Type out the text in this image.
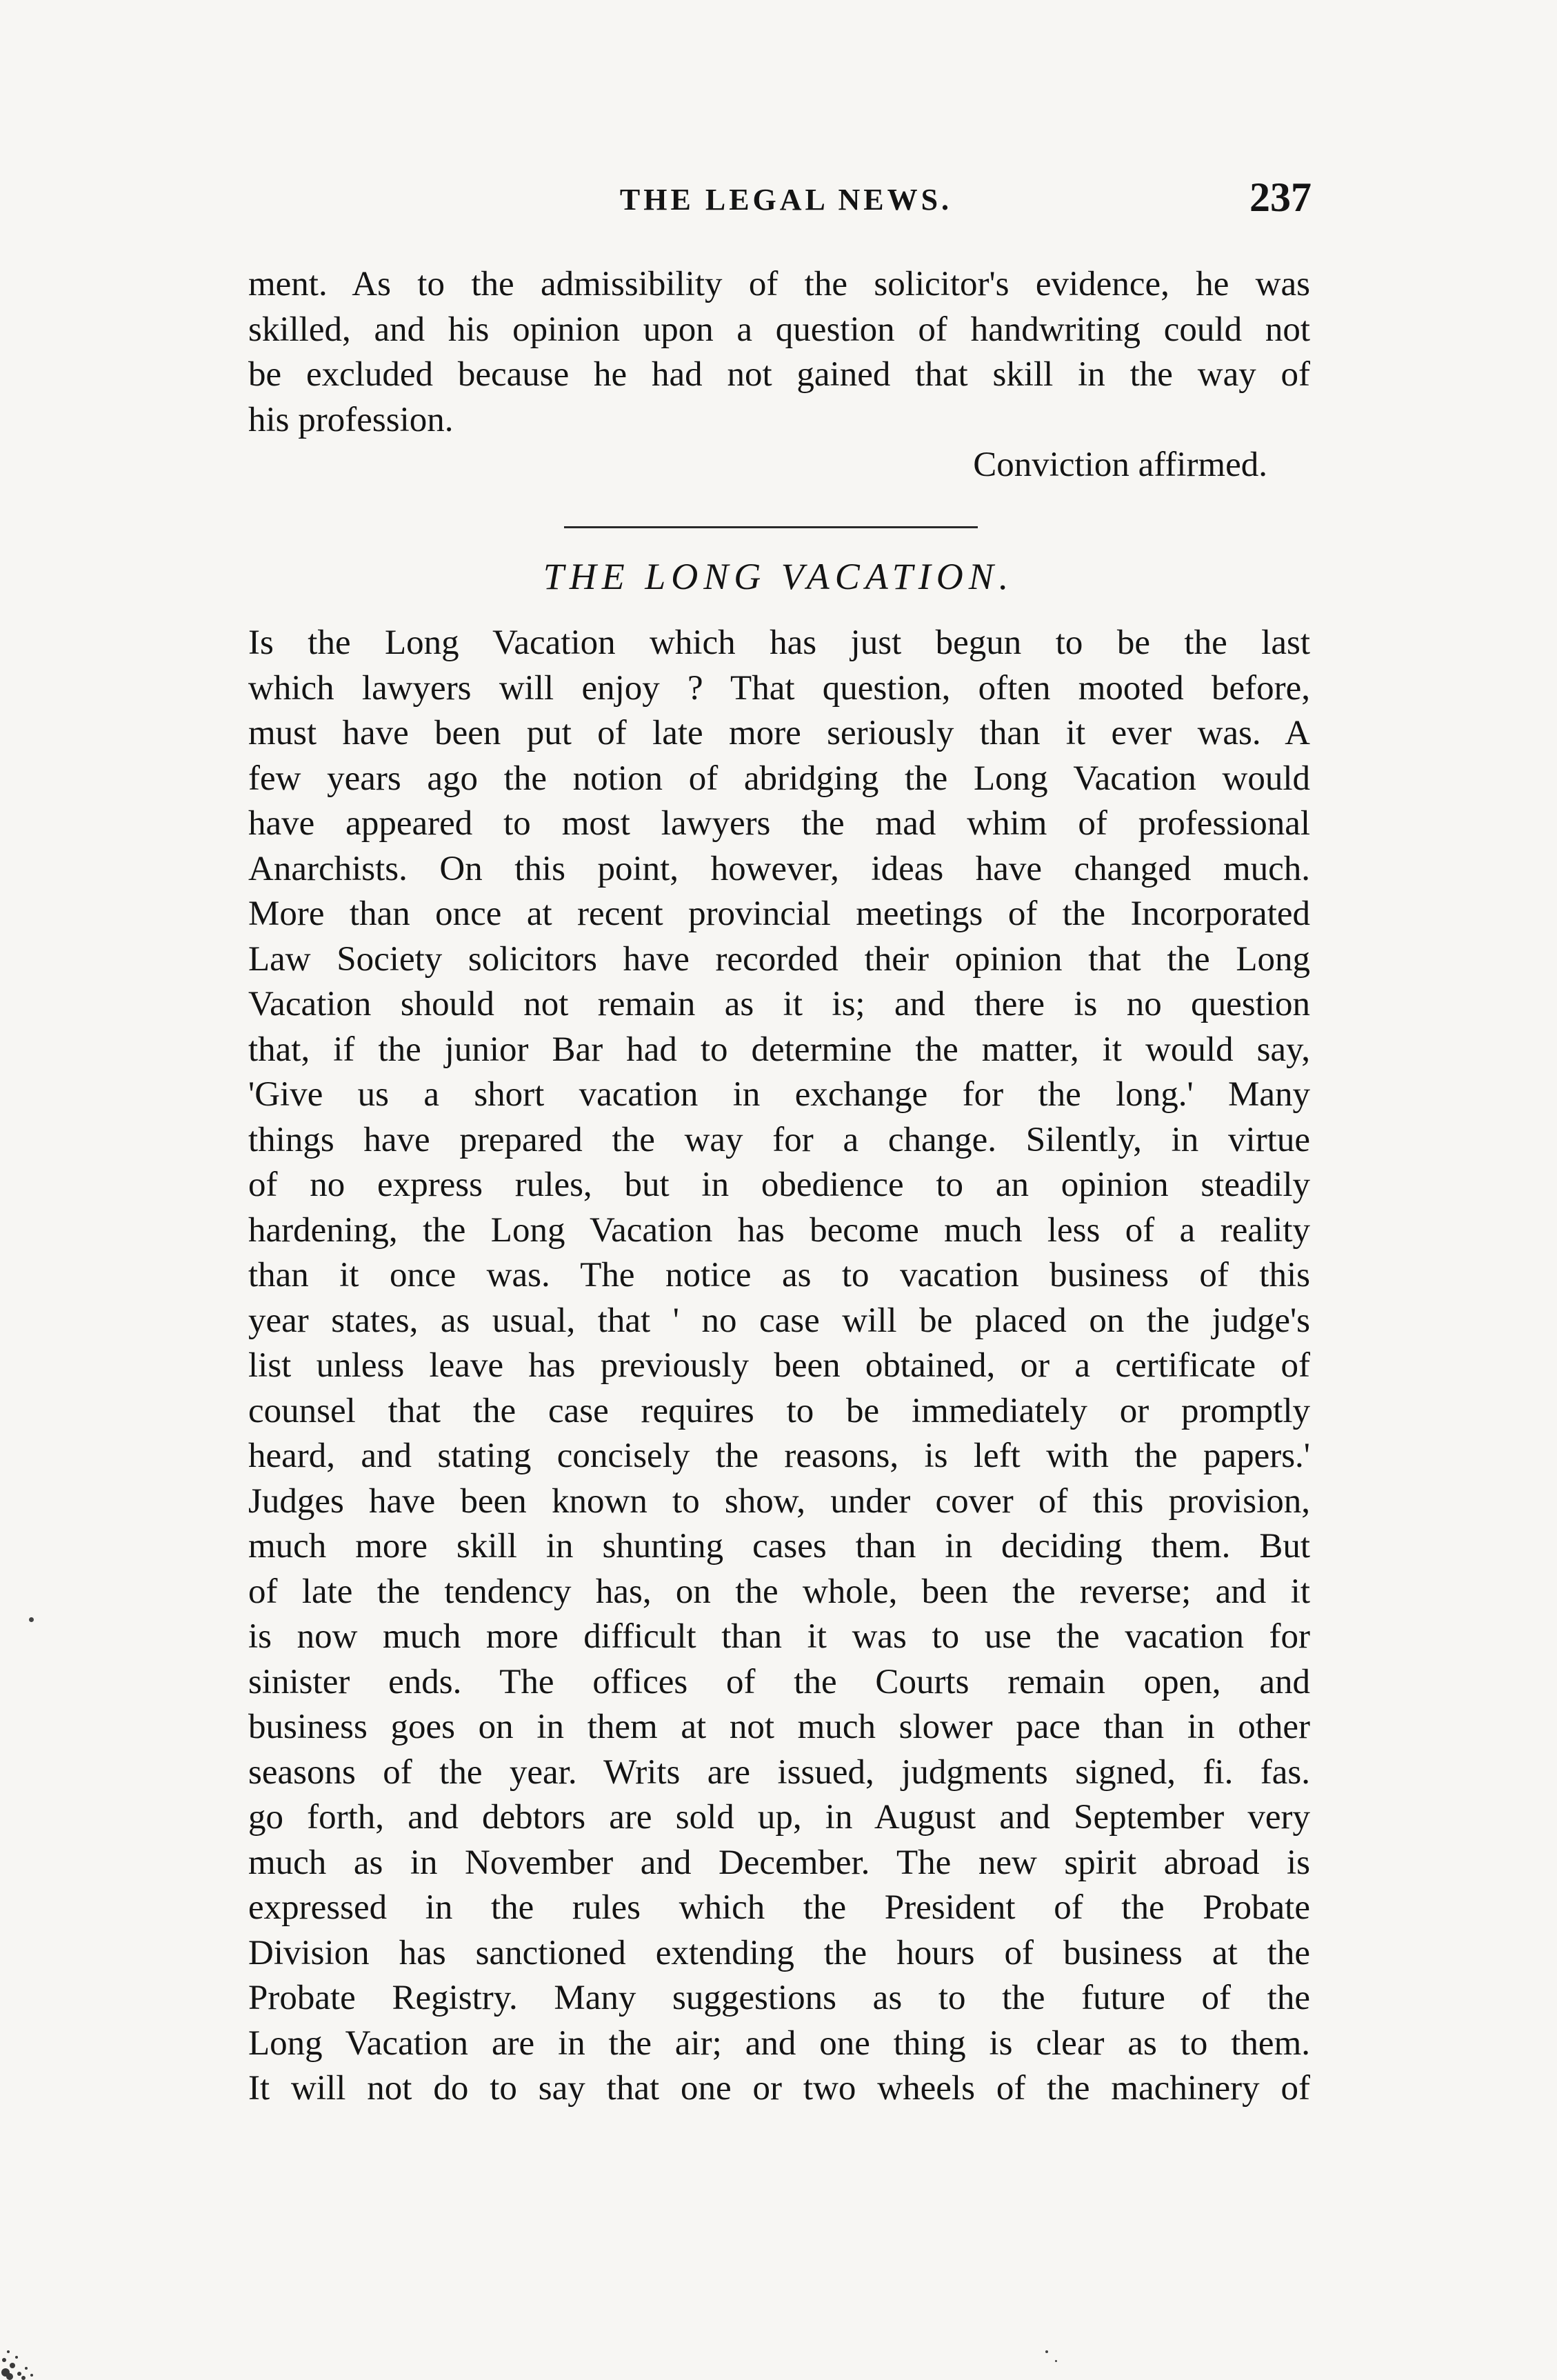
THE LEGAL NEWS.	237
ment. As to the admissibility of the solicitor's evidence, he was
skilled, and his opinion upon a question of handwriting could not
be excluded because he had not gained that skill in the way of
his profession.
Conviction affirmed.
THE LONG VACATION.
Is the Long Vacation which has just begun to be the last
which lawyers will enjoy ? That question, often mooted before,
must have been put of late more seriously than it ever was. A
few years ago the notion of abridging the Long Vacation would
have appeared to most lawyers the mad whim of professional
Anarchists. On this point, however, ideas have changed much.
More than once at recent provincial meetings of the Incorporated
Law Society solicitors have recorded their opinion that the Long
Vacation should not remain as it is; and there is no question
that, if the junior Bar had to determine the matter, it would say,
'Give us a short vacation in exchange for the long.' Many
things have prepared the way for a change. Silently, in virtue
of no express rules, but in obedience to an opinion steadily
hardening, the Long Vacation has become much less of a reality
than it once was. The notice as to vacation business of this
year states, as usual, that ' no case will be placed on the judge's
list unless leave has previously been obtained, or a certificate of
counsel that the case requires to be immediately or promptly
heard, and stating concisely the reasons, is left with the papers.'
Judges have been known to show, under cover of this provision,
much more skill in shunting cases than in deciding them. But
of late the tendency has, on the whole, been the reverse; and it
is now much more difficult than it was to use the vacation for
sinister ends. The offices of the Courts remain open, and
business goes on in them at not much slower pace than in other
seasons of the year. Writs are issued, judgments signed, fi. fas.
go forth, and debtors are sold up, in August and September very
much as in November and December. The new spirit abroad is
expressed in the rules which the President of the Probate
Division has sanctioned extending the hours of business at the
Probate Registry. Many suggestions as to the future of the
Long Vacation are in the air; and one thing is clear as to them.
It will not do to say that one or two wheels of the machinery of
